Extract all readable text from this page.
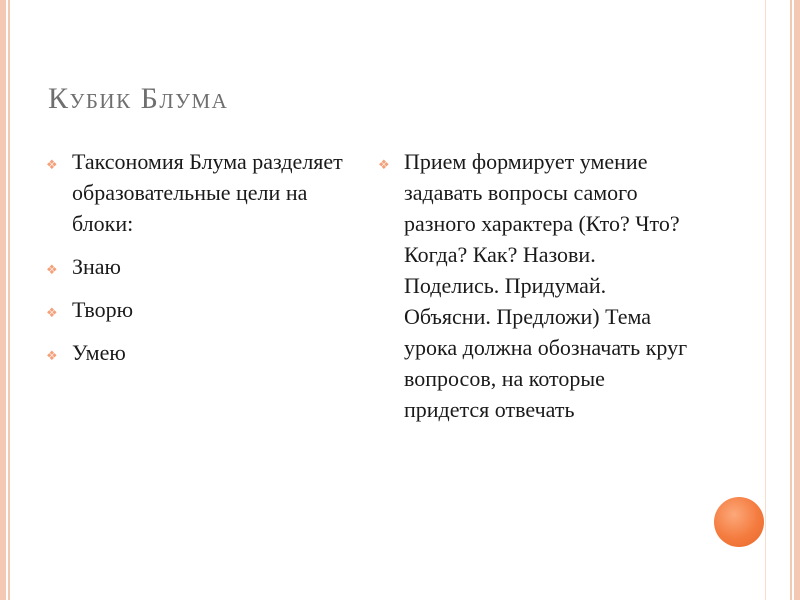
Кубик Блума
❖ Таксономия Блума разделяет образовательные цели на блоки:
❖ Знаю
❖ Творю
❖ Умею
❖ Прием формирует умение задавать вопросы самого разного характера (Кто? Что? Когда? Как? Назови. Поделись. Придумай. Объясни. Предложи) Тема урока должна обозначать круг вопросов, на которые придется отвечать
